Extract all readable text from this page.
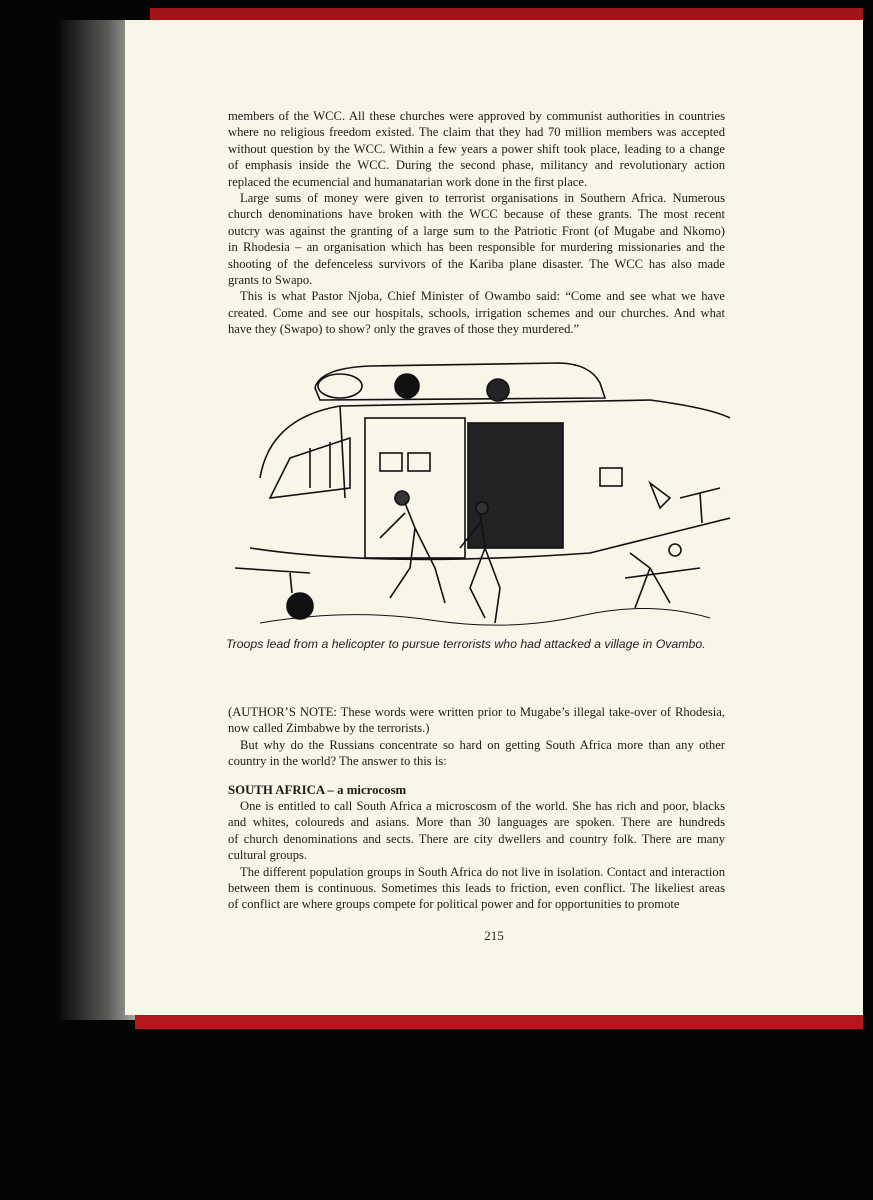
members of the WCC. All these churches were approved by communist authorities in countries
where no religious freedom existed. The claim that they had 70 million members was accepted
without question by the WCC. Within a few years a power shift took place, leading to a change
of emphasis inside the WCC. During the second phase, militancy and revolutionary action
replaced the ecumencial and humanatarian work done in the first place.
Large sums of money were given to terrorist organisations in Southern Africa. Numerous
church denominations have broken with the WCC because of these grants. The most recent
outcry was against the granting of a large sum to the Patriotic Front (of Mugabe and Nkomo)
in Rhodesia – an organisation which has been responsible for murdering missionaries and the
shooting of the defenceless survivors of the Kariba plane disaster. The WCC has also made
grants to Swapo.
This is what Pastor Njoba, Chief Minister of Owambo said: “Come and see what we have
created. Come and see our hospitals, schools, irrigation schemes and our churches. And what
have they (Swapo) to show? only the graves of those they murdered.”
Troops lead from a helicopter to pursue terrorists who had attacked a village in Ovambo.
(AUTHOR’S NOTE: These words were written prior to Mugabe’s illegal take-over of Rhodesia,
now called Zimbabwe by the terrorists.)
But why do the Russians concentrate so hard on getting South Africa more than any other
country in the world? The answer to this is:
SOUTH AFRICA – a microcosm
One is entitled to call South Africa a microscosm of the world. She has rich and poor, blacks
and whites, coloureds and asians. More than 30 languages are spoken. There are hundreds
of church denominations and sects. There are city dwellers and country folk. There are many
cultural groups.
The different population groups in South Africa do not live in isolation. Contact and interaction
between them is continuous. Sometimes this leads to friction, even conflict. The likeliest areas
of conflict are where groups compete for political power and for opportunities to promote
215
